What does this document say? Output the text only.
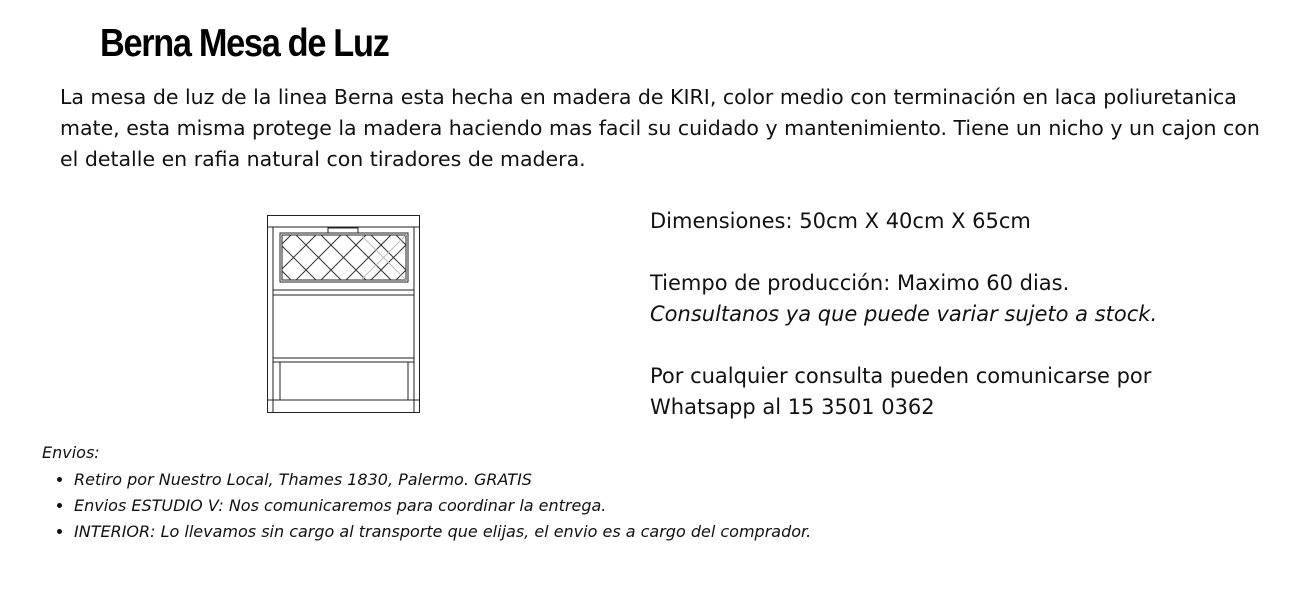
Berna Mesa de Luz

La mesa de luz de la linea Berna esta hecha en madera de KIRI, color medio con terminación en laca poliuretanica mate, esta misma protege la madera haciendo mas facil su cuidado y mantenimiento. Tiene un nicho y un cajon con el detalle en rafia natural con tiradores de madera.

Dimensiones: 50cm X 40cm X 65cm

Tiempo de producción: Maximo 60 dias.

Consultanos ya que puede variar sujeto a stock.

Por cualquier consulta pueden comunicarse por

Whatsapp al 15 3501 0362

Envios:

• Retiro por Nuestro Local, Thames 1830, Palermo. GRATIS
• Envios ESTUDIO V: Nos comunicaremos para coordinar la entrega.
• INTERIOR: Lo llevamos sin cargo al transporte que elijas, el envio es a cargo del comprador.
